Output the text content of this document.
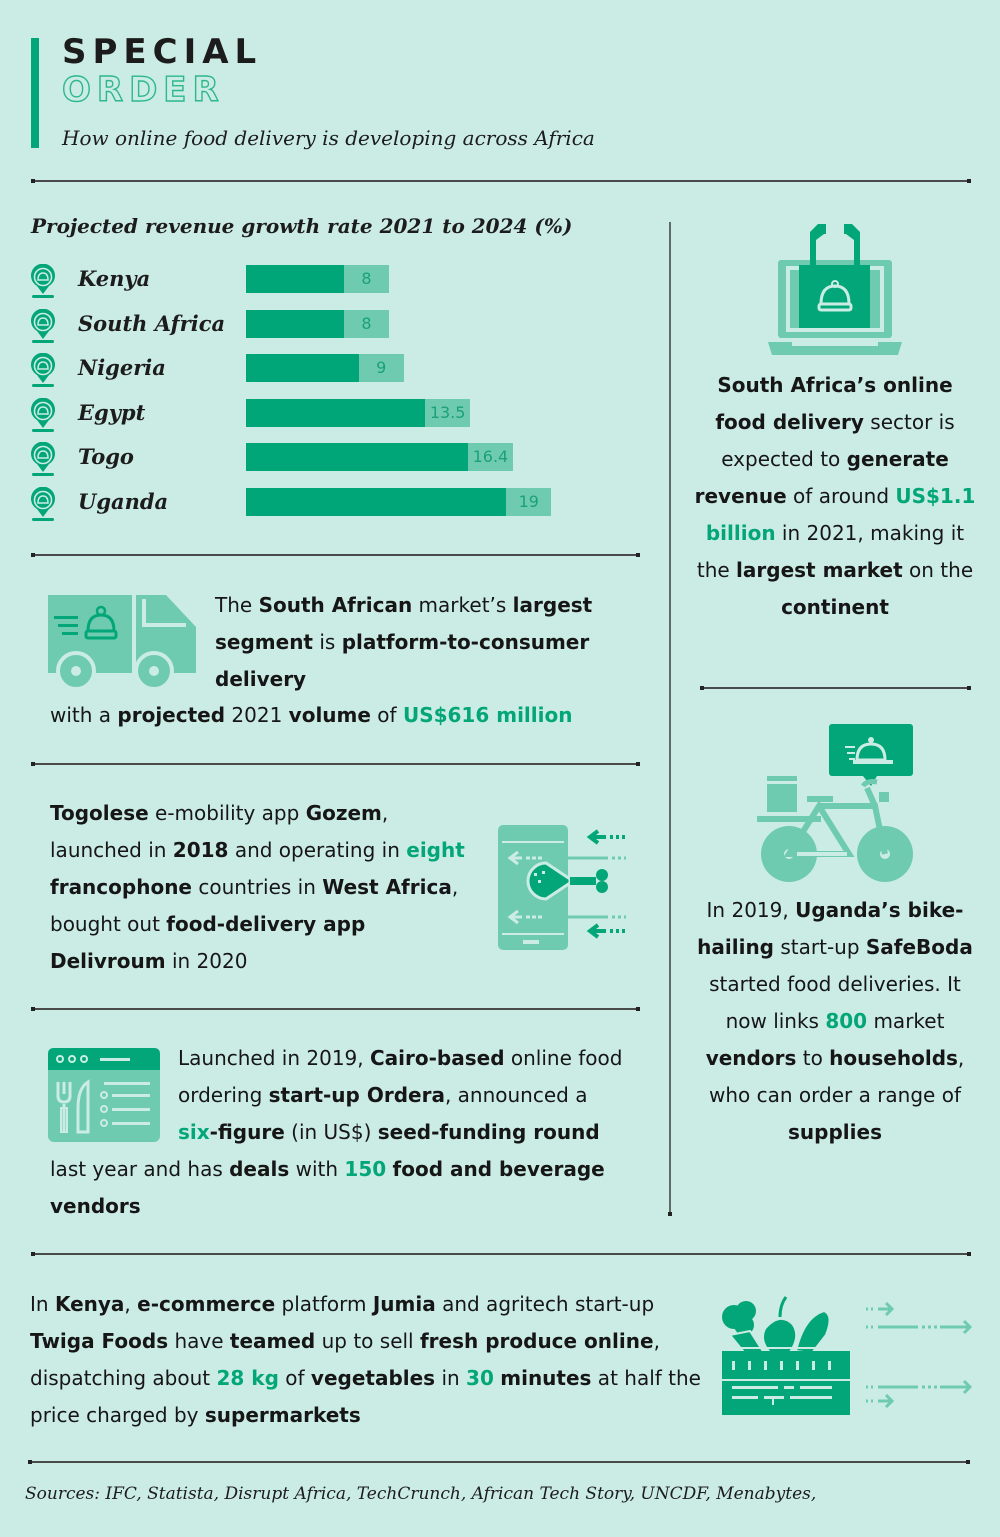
SPECIAL
ORDER
How online food delivery is developing across Africa
Projected revenue growth rate 2021 to 2024 (%)
Kenya	8
South Africa	8
Nigeria	9
Egypt	13.5
Togo	16.4
Uganda	19
South Africa’s online food delivery sector is expected to generate revenue of around US$1.1 billion in 2021, making it the largest market on the continent
The South African market’s largest segment is platform-to-consumer delivery
with a projected 2021 volume of US$616 million
Togolese e-mobility app Gozem, launched in 2018 and operating in eight francophone countries in West Africa, bought out food-delivery app Delivroum in 2020
Launched in 2019, Cairo-based online food ordering start-up Ordera, announced a six-figure (in US$) seed-funding round
last year and has deals with 150 food and beverage vendors
In 2019, Uganda’s bike-hailing start-up SafeBoda started food deliveries. It now links 800 market vendors to households, who can order a range of supplies
In Kenya, e-commerce platform Jumia and agritech start-up Twiga Foods have teamed up to sell fresh produce online, dispatching about 28 kg of vegetables in 30 minutes at half the price charged by supermarkets
Sources: IFC, Statista, Disrupt Africa, TechCrunch, African Tech Story, UNCDF, Menabytes,
